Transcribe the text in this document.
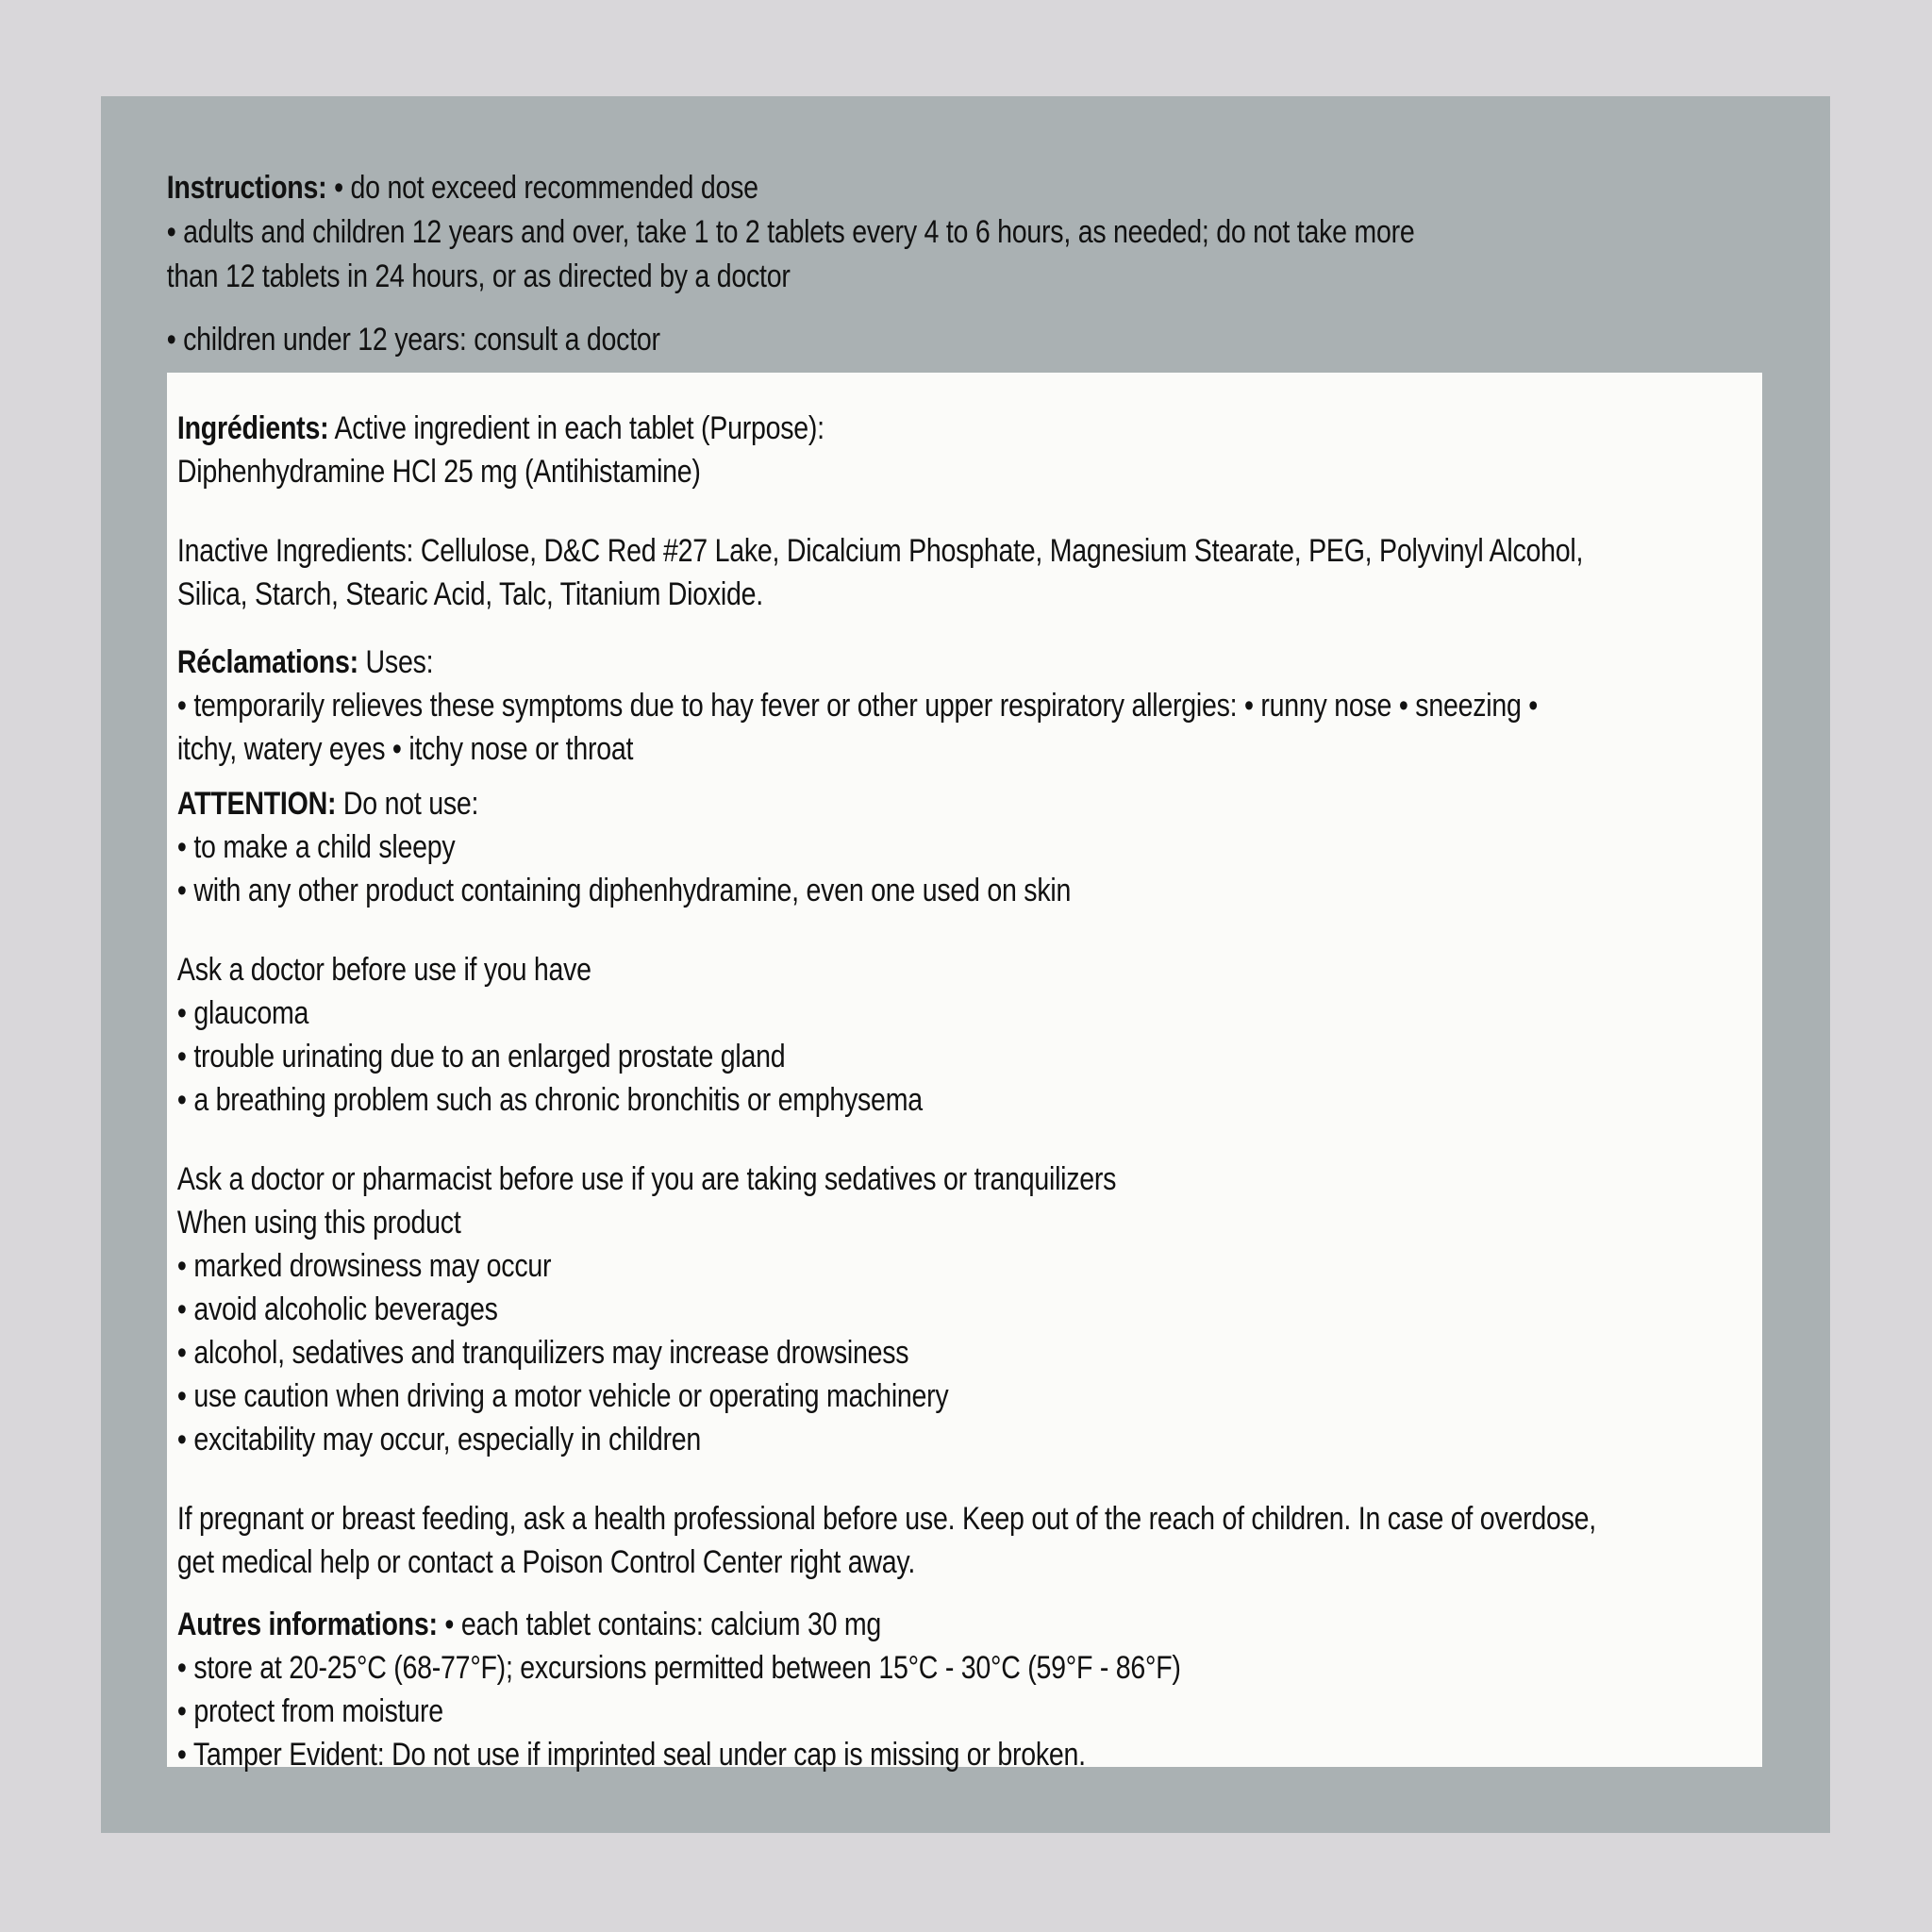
Instructions: • do not exceed recommended dose
• adults and children 12 years and over, take 1 to 2 tablets every 4 to 6 hours, as needed; do not take more
than 12 tablets in 24 hours, or as directed by a doctor
• children under 12 years: consult a doctor
Ingrédients: Active ingredient in each tablet (Purpose):
Diphenhydramine HCl 25 mg (Antihistamine)
Inactive Ingredients: Cellulose, D&C Red #27 Lake, Dicalcium Phosphate, Magnesium Stearate, PEG, Polyvinyl Alcohol,
Silica, Starch, Stearic Acid, Talc, Titanium Dioxide.
Réclamations: Uses:
• temporarily relieves these symptoms due to hay fever or other upper respiratory allergies: • runny nose • sneezing •
itchy, watery eyes • itchy nose or throat
ATTENTION: Do not use:
• to make a child sleepy
• with any other product containing diphenhydramine, even one used on skin
Ask a doctor before use if you have
• glaucoma
• trouble urinating due to an enlarged prostate gland
• a breathing problem such as chronic bronchitis or emphysema
Ask a doctor or pharmacist before use if you are taking sedatives or tranquilizers
When using this product
• marked drowsiness may occur
• avoid alcoholic beverages
• alcohol, sedatives and tranquilizers may increase drowsiness
• use caution when driving a motor vehicle or operating machinery
• excitability may occur, especially in children
If pregnant or breast feeding, ask a health professional before use. Keep out of the reach of children. In case of overdose,
get medical help or contact a Poison Control Center right away.
Autres informations: • each tablet contains: calcium 30 mg
• store at 20-25°C (68-77°F); excursions permitted between 15°C - 30°C (59°F - 86°F)
• protect from moisture
• Tamper Evident: Do not use if imprinted seal under cap is missing or broken.
